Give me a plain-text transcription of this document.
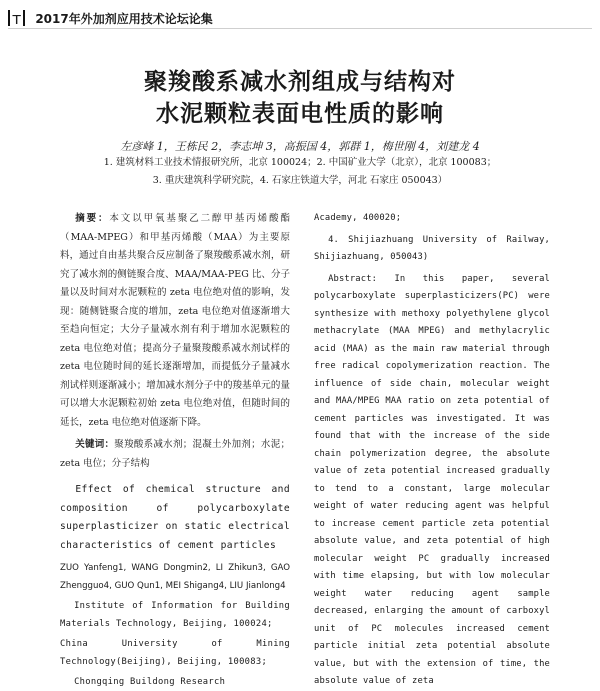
т 2017年外加剂应用技术论坛论集
聚羧酸系减水剂组成与结构对
水泥颗粒表面电性质的影响
左彦峰 1，王栋民 2，李志坤 3，高振国 4，郭群 1，梅世刚 4，刘建龙 4
1. 建筑材料工业技术情报研究所，北京 100024；2. 中国矿业大学（北京），北京 100083；
3. 重庆建筑科学研究院，4. 石家庄铁道大学，河北 石家庄 050043）

摘要：本文以甲氧基聚乙二醇甲基丙烯酸酯（MAA-MPEG）和甲基丙烯酸（MAA）为主要原料，通过自由基共聚合反应制备了聚羧酸系减水剂，研究了减水剂的侧链聚合度、MAA/MAA-PEG 比、分子量以及时间对水泥颗粒的 zeta 电位绝对值的影响，发现：随侧链聚合度的增加，zeta 电位绝对值逐渐增大至趋向恒定；大分子量减水剂有利于增加水泥颗粒的 zeta 电位绝对值；提高分子量聚羧酸系减水剂试样的 zeta 电位随时间的延长逐渐增加，而提低分子量减水剂试样则逐渐减小；增加减水剂分子中的羧基单元的量可以增大水泥颗粒初始 zeta 电位绝对值，但随时间的延长，zeta 电位绝对值逐渐下降。

关键词：聚羧酸系减水剂；混凝土外加剂；水泥；zeta 电位；分子结构

Effect of chemical structure and composition of polycarboxylate superplasticizer on static electrical characteristics of cement particles

ZUO Yanfeng1, WANG Dongmin2, LI Zhikun3, GAO Zhengguo4, GUO Qun1, MEI Shigang4, LIU Jianlong4

Institute of Information for Building Materials Technology, Beijing, 100024;

China University of Mining Technology(Beijing), Beijing, 100083;

Chongqing Buildong Research

Academy, 400020;

4. Shijiazhuang University of Railway, Shijiazhuang, 050043)

Abstract: In this paper, several polycarboxylate superplasticizers(PC) were synthesize with methoxy polyethylene glycol methacrylate (MAA MPEG) and methylacrylic acid (MAA) as the main raw material through free radical copolymerization reaction. The influence of side chain, molecular weight and MAA/MPEG MAA ratio on zeta potential of cement particles was investigated. It was found that with the increase of the side chain polymerization degree, the absolute value of zeta potential increased gradually to tend to a constant, large molecular weight of water reducing agent was helpful to increase cement particle zeta potential absolute value, and zeta potential of high molecular weight PC gradually increased with time elapsing, but with low molecular weight water reducing agent sample decreased, enlarging the amount of carboxyl unit of PC molecules increased cement particle initial zeta potential absolute value, but with the extension of time, the absolute value of zeta
